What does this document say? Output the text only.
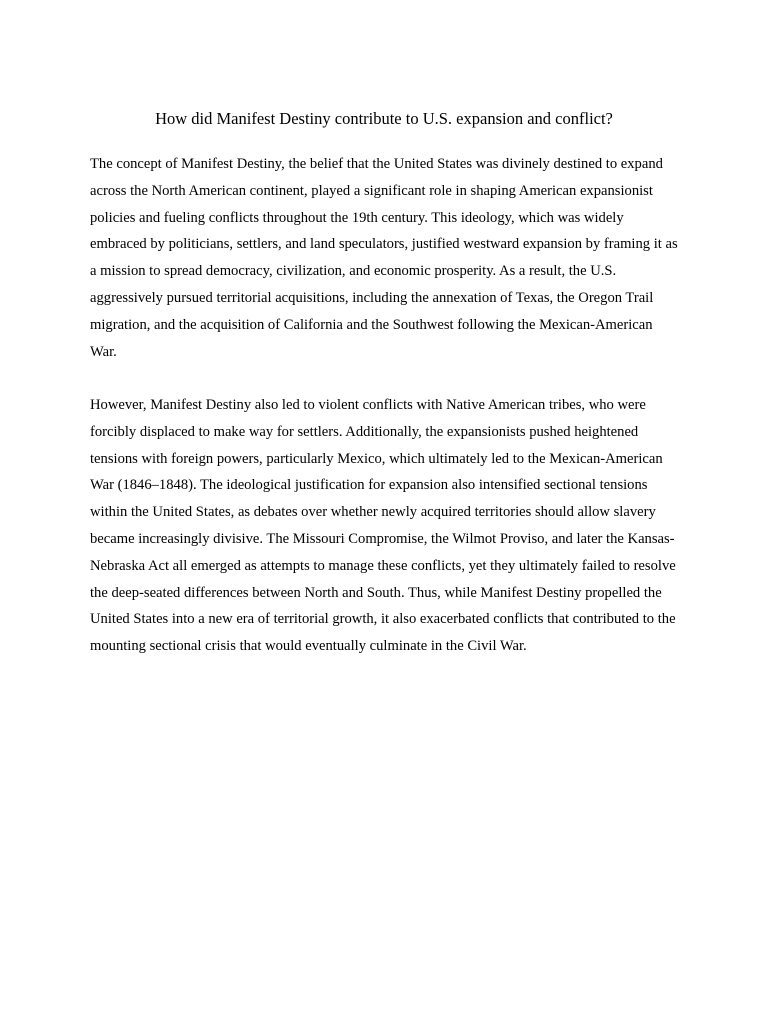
How did Manifest Destiny contribute to U.S. expansion and conflict?

The concept of Manifest Destiny, the belief that the United States was divinely destined to expand across the North American continent, played a significant role in shaping American expansionist policies and fueling conflicts throughout the 19th century. This ideology, which was widely embraced by politicians, settlers, and land speculators, justified westward expansion by framing it as a mission to spread democracy, civilization, and economic prosperity. As a result, the U.S. aggressively pursued territorial acquisitions, including the annexation of Texas, the Oregon Trail migration, and the acquisition of California and the Southwest following the Mexican-American War.

However, Manifest Destiny also led to violent conflicts with Native American tribes, who were forcibly displaced to make way for settlers. Additionally, the expansionists pushed heightened tensions with foreign powers, particularly Mexico, which ultimately led to the Mexican-American War (1846–1848). The ideological justification for expansion also intensified sectional tensions within the United States, as debates over whether newly acquired territories should allow slavery became increasingly divisive. The Missouri Compromise, the Wilmot Proviso, and later the Kansas-Nebraska Act all emerged as attempts to manage these conflicts, yet they ultimately failed to resolve the deep-seated differences between North and South. Thus, while Manifest Destiny propelled the United States into a new era of territorial growth, it also exacerbated conflicts that contributed to the mounting sectional crisis that would eventually culminate in the Civil War.
